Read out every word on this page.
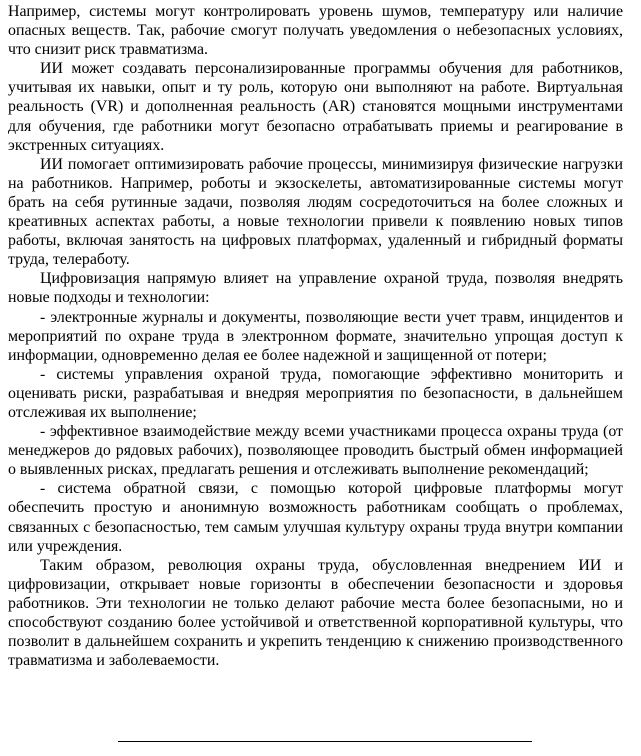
Например, системы могут контролировать уровень шумов, температуру или наличие опасных веществ. Так, рабочие смогут получать уведомления о небезопасных условиях, что снизит риск травматизма.

ИИ может создавать персонализированные программы обучения для работников, учитывая их навыки, опыт и ту роль, которую они выполняют на работе. Виртуальная реальность (VR) и дополненная реальность (AR) становятся мощными инструментами для обучения, где работники могут безопасно отрабатывать приемы и реагирование в экстренных ситуациях.

ИИ помогает оптимизировать рабочие процессы, минимизируя физические нагрузки на работников. Например, роботы и экзоскелеты, автоматизированные системы могут брать на себя рутинные задачи, позволяя людям сосредоточиться на более сложных и креативных аспектах работы, а новые технологии привели к появлению новых типов работы, включая занятость на цифровых платформах, удаленный и гибридный форматы труда, телеработу.

Цифровизация напрямую влияет на управление охраной труда, позволяя внедрять новые подходы и технологии:

- электронные журналы и документы, позволяющие вести учет травм, инцидентов и мероприятий по охране труда в электронном формате, значительно упрощая доступ к информации, одновременно делая ее более надежной и защищенной от потери;

- системы управления охраной труда, помогающие эффективно мониторить и оценивать риски, разрабатывая и внедряя мероприятия по безопасности, в дальнейшем отслеживая их выполнение;

- эффективное взаимодействие между всеми участниками процесса охраны труда (от менеджеров до рядовых рабочих), позволяющее проводить быстрый обмен информацией о выявленных рисках, предлагать решения и отслеживать выполнение рекомендаций;

- система обратной связи, с помощью которой цифровые платформы могут обеспечить простую и анонимную возможность работникам сообщать о проблемах, связанных с безопасностью, тем самым улучшая культуру охраны труда внутри компании или учреждения.

Таким образом, революция охраны труда, обусловленная внедрением ИИ и цифровизации, открывает новые горизонты в обеспечении безопасности и здоровья работников. Эти технологии не только делают рабочие места более безопасными, но и способствуют созданию более устойчивой и ответственной корпоративной культуры, что позволит в дальнейшем сохранить и укрепить тенденцию к снижению производственного травматизма и заболеваемости.
